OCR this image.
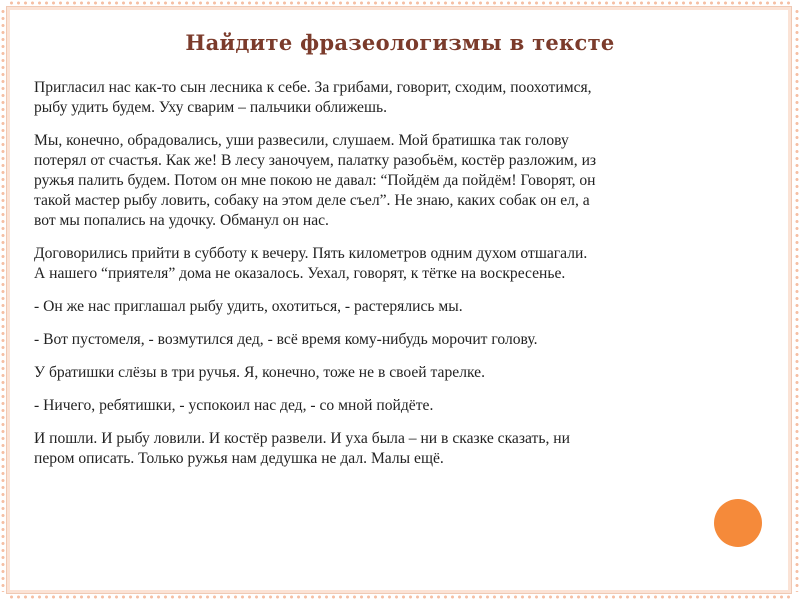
Найдите фразеологизмы в тексте

Пригласил нас как-то сын лесника к себе. За грибами, говорит, сходим, поохотимся,
рыбу удить будем. Уху сварим – пальчики оближешь.

Мы, конечно, обрадовались, уши развесили, слушаем. Мой братишка так голову
потерял от счастья. Как же! В лесу заночуем, палатку разобьём, костёр разложим, из
ружья палить будем. Потом он мне покою не давал: “Пойдём да пойдём! Говорят, он
такой мастер рыбу ловить, собаку на этом деле съел”. Не знаю, каких собак он ел, а
вот мы попались на удочку. Обманул он нас.

Договорились прийти в субботу к вечеру. Пять километров одним духом отшагали.
А нашего “приятеля” дома не оказалось. Уехал, говорят, к тётке на воскресенье.

- Он же нас приглашал рыбу удить, охотиться, - растерялись мы.

- Вот пустомеля, - возмутился дед, - всё время кому-нибудь морочит голову.

У братишки слёзы в три ручья. Я, конечно, тоже не в своей тарелке.

- Ничего, ребятишки, - успокоил нас дед, - со мной пойдёте.

И пошли. И рыбу ловили. И костёр развели. И уха была – ни в сказке сказать, ни
пером описать. Только ружья нам дедушка не дал. Малы ещё.
